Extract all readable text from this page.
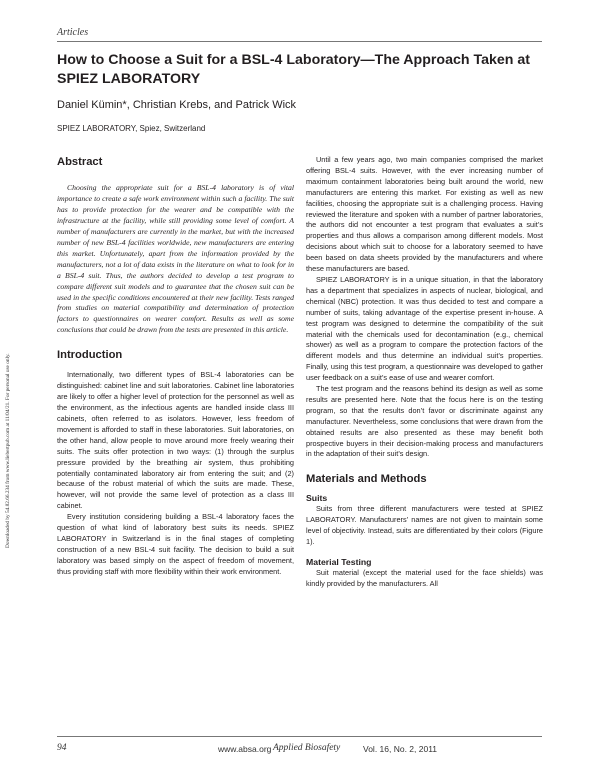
Articles
How to Choose a Suit for a BSL-4 Laboratory—The Approach Taken at SPIEZ LABORATORY
Daniel Kümin*, Christian Krebs, and Patrick Wick
SPIEZ LABORATORY, Spiez, Switzerland
Downloaded by 54.82.66.234 from www.liebertpub.com at 11/04/21. For personal use only.
Abstract

Choosing the appropriate suit for a BSL-4 laboratory is of vital importance to create a safe work environment within such a facility. The suit has to provide protection for the wearer and be compatible with the infrastructure at the facility, while still providing some level of comfort. A number of manufacturers are currently in the market, but with the increased number of new BSL-4 facilities worldwide, new manufacturers are entering this market. Unfortunately, apart from the information provided by the manufacturers, not a lot of data exists in the literature on what to look for in a BSL-4 suit. Thus, the authors decided to develop a test program to compare different suit models and to guarantee that the chosen suit can be used in the specific conditions encountered at their new facility. Tests ranged from studies on material compatibility and determination of protection factors to questionnaires on wearer comfort. Results as well as some conclusions that could be drawn from the tests are presented in this article.

Introduction

Internationally, two different types of BSL-4 laboratories can be distinguished: cabinet line and suit laboratories. Cabinet line laboratories are likely to offer a higher level of protection for the personnel as well as the environment, as the infectious agents are handled inside class III cabinets, often referred to as isolators. However, less freedom of movement is afforded to staff in these laboratories. Suit laboratories, on the other hand, allow people to move around more freely wearing their suits. The suits offer protection in two ways: (1) through the surplus pressure provided by the breathing air system, thus prohibiting potentially contaminated laboratory air from entering the suit; and (2) because of the robust material of which the suits are made. These, however, will not provide the same level of protection as a class III cabinet.

Every institution considering building a BSL-4 laboratory faces the question of what kind of laboratory best suits its needs. SPIEZ LABORATORY in Switzerland is in the final stages of completing construction of a new BSL-4 suit facility. The decision to build a suit laboratory was based simply on the aspect of freedom of movement, thus providing staff with more flexibility within their work environment.

Until a few years ago, two main companies comprised the market offering BSL-4 suits. However, with the ever increasing number of maximum containment laboratories being built around the world, new manufacturers are entering this market. For existing as well as new facilities, choosing the appropriate suit is a challenging process. Having reviewed the literature and spoken with a number of partner laboratories, the authors did not encounter a test program that evaluates a suit’s properties and thus allows a comparison among different models. Most decisions about which suit to choose for a laboratory seemed to have been based on data sheets provided by the manufacturers and where these manufacturers are based.

SPIEZ LABORATORY is in a unique situation, in that the laboratory has a department that specializes in aspects of nuclear, biological, and chemical (NBC) protection. It was thus decided to test and compare a number of suits, taking advantage of the expertise present in-house. A test program was designed to determine the compatibility of the suit material with the chemicals used for decontamination (e.g., chemical shower) as well as a program to compare the protection factors of the different models and thus determine an individual suit’s properties. Finally, using this test program, a questionnaire was developed to gather user feedback on a suit’s ease of use and wearer comfort.

The test program and the reasons behind its design as well as some results are presented here. Note that the focus here is on the testing program, so that the results don’t favor or discriminate against any manufacturer. Nevertheless, some conclusions that were drawn from the obtained results are also presented as these may benefit both prospective buyers in their decision-making process and manufacturers in the adaptation of their suit’s design.

Materials and Methods
Suits

Suits from three different manufacturers were tested at SPIEZ LABORATORY. Manufacturers’ names are not given to maintain some level of objectivity. Instead, suits are differentiated by their colors (Figure 1).

Material Testing

Suit material (except the material used for the face shields) was kindly provided by the manufacturers. All

94	www.absa.org Applied Biosafety	Vol. 16, No. 2, 2011
